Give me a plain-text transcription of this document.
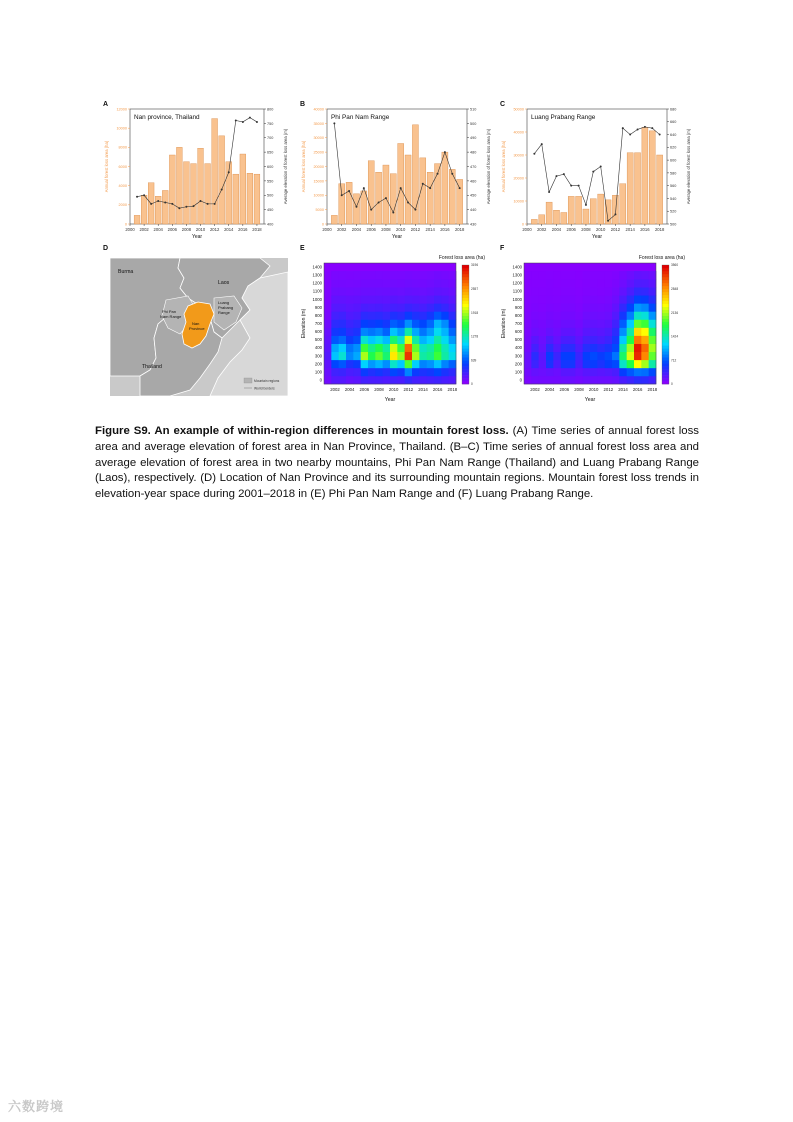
A	B	C
D	E	F
0
2000
4000
6000
8000
10000
12000
400
450
500
550
600
650
700
750
800
2000 2002 2004 2006 2008 2010 2012 2014 2016 2018
Year
Annual forest loss area (ha)	Average elevation of forest loss area (m)
Nan province, Thailand
0
5000
10000
15000
20000
25000
30000
35000
40000
430
440
450
460
470
480
490
500
510
2000 2002 2004 2006 2008 2010 2012 2014 2016 2018
Year
Annual forest loss area (ha)	Average elevation of forest loss area (m)
Phi Pan Nam Range
0
10000
20000
30000
40000
50000
500
520
540
560
580
600
620
640
660
680
2000 2002 2004 2006 2008 2010 2012 2014 2016 2018
Year
Annual forest loss area (ha)	Average elevation of forest loss area (m)
Luang Prabang Range
Burma
Laos
Phi Pan Nam Range
Luang Prabang Range
Nan Province
Thailand
Mountain regions
World borders
0
100
200
300
400
500
600
700
800
900
1000
1100
1200
1300
1400
2002 2004 2006 2008 2010 2012 2014 2016 2018
Year
Elevation (m)
0
639
1278
1918
2557
3196
Forest loss area (ha)
0
100
200
300
400
500
600
700
800
900
1000
1100
1200
1300
1400
2002 2004 2006 2008 2010 2012 2014 2016 2018
Year
Elevation (m)
0
712
1424
2136
2848
3560
Forest loss area (ha)
Figure S9. An example of within-region differences in mountain forest loss. (A) Time series of annual forest loss area and average elevation of forest area in Nan Province, Thailand. (B–C) Time series of annual forest loss area and average elevation of forest area in two nearby mountains, Phi Pan Nam Range (Thailand) and Luang Prabang Range (Laos), respectively. (D) Location of Nan Province and its surrounding mountain regions. Mountain forest loss trends in elevation-year space during 2001–2018 in (E) Phi Pan Nam Range and (F) Luang Prabang Range.
六数跨境
